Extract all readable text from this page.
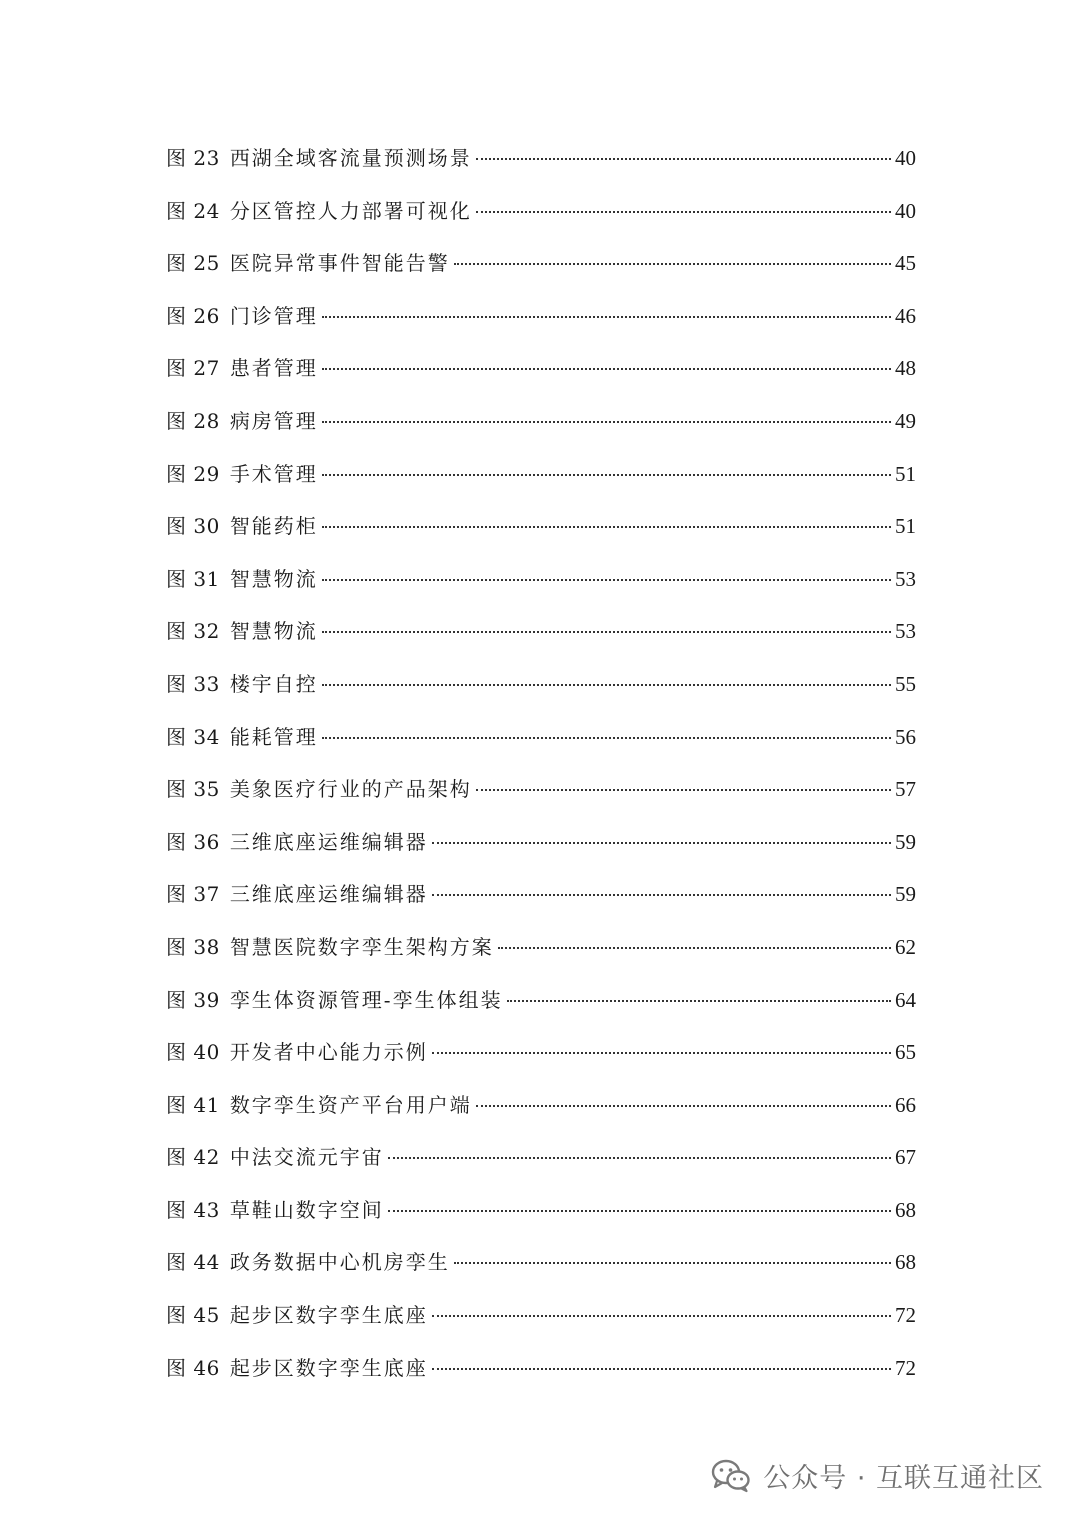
图 23 西湖全域客流量预测场景	40
图 24 分区管控人力部署可视化	40
图 25 医院异常事件智能告警	45
图 26 门诊管理	46
图 27 患者管理	48
图 28 病房管理	49
图 29 手术管理	51
图 30 智能药柜	51
图 31 智慧物流	53
图 32 智慧物流	53
图 33 楼宇自控	55
图 34 能耗管理	56
图 35 美象医疗行业的产品架构	57
图 36 三维底座运维编辑器	59
图 37 三维底座运维编辑器	59
图 38 智慧医院数字孪生架构方案	62
图 39 孪生体资源管理-孪生体组装	64
图 40 开发者中心能力示例	65
图 41 数字孪生资产平台用户端	66
图 42 中法交流元宇宙	67
图 43 草鞋山数字空间	68
图 44 政务数据中心机房孪生	68
图 45 起步区数字孪生底座	72
图 46 起步区数字孪生底座	72
公众号 · 互联互通社区
